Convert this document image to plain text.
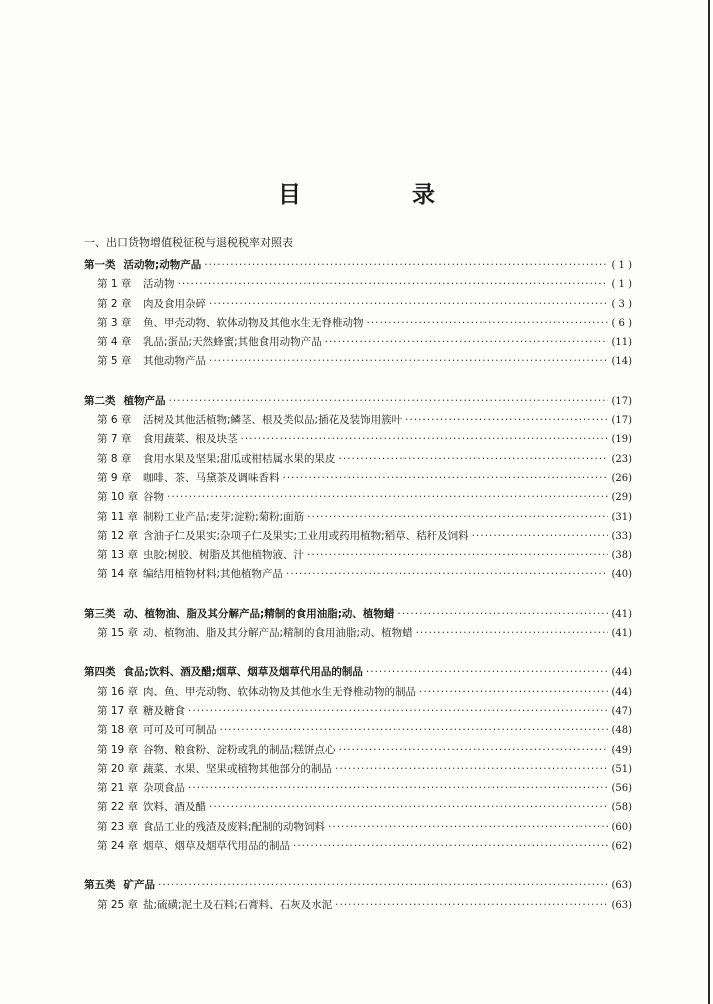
目　录
一、出口货物增值税征税与退税税率对照表
第一类 活动物;动物产品 ·····	( 1 )
第 1 章 活动物 ·····	( 1 )
第 2 章 肉及食用杂碎 ·····	( 3 )
第 3 章 鱼、甲壳动物、软体动物及其他水生无脊椎动物 ·····	( 6 )
第 4 章 乳品;蛋品;天然蜂蜜;其他食用动物产品 ·····	(11)
第 5 章 其他动物产品 ·····	(14)
第二类 植物产品 ·····	(17)
第 6 章 活树及其他活植物;鳞茎、根及类似品;插花及装饰用簇叶 ·····	(17)
第 7 章 食用蔬菜、根及块茎 ·····	(19)
第 8 章 食用水果及坚果;甜瓜或柑桔属水果的果皮 ·····	(23)
第 9 章 咖啡、茶、马黛茶及调味香料 ·····	(26)
第 10 章 谷物 ·····	(29)
第 11 章 制粉工业产品;麦芽;淀粉;菊粉;面筋 ·····	(31)
第 12 章 含油子仁及果实;杂项子仁及果实;工业用或药用植物;稻草、秸秆及饲料 ·····	(33)
第 13 章 虫胶;树胶、树脂及其他植物液、汁 ·····	(38)
第 14 章 编结用植物材料;其他植物产品 ·····	(40)
第三类 动、植物油、脂及其分解产品;精制的食用油脂;动、植物蜡 ·····	(41)
第 15 章 动、植物油、脂及其分解产品;精制的食用油脂;动、植物蜡 ·····	(41)
第四类 食品;饮料、酒及醋;烟草、烟草及烟草代用品的制品 ·····	(44)
第 16 章 肉、鱼、甲壳动物、软体动物及其他水生无脊椎动物的制品 ·····	(44)
第 17 章 糖及糖食 ·····	(47)
第 18 章 可可及可可制品 ·····	(48)
第 19 章 谷物、粮食粉、淀粉或乳的制品;糕饼点心 ·····	(49)
第 20 章 蔬菜、水果、坚果或植物其他部分的制品 ·····	(51)
第 21 章 杂项食品 ·····	(56)
第 22 章 饮料、酒及醋 ·····	(58)
第 23 章 食品工业的残渣及废料;配制的动物饲料 ·····	(60)
第 24 章 烟草、烟草及烟草代用品的制品 ·····	(62)
第五类 矿产品 ·····	(63)
第 25 章 盐;硫磺;泥土及石料;石膏料、石灰及水泥 ·····	(63)
